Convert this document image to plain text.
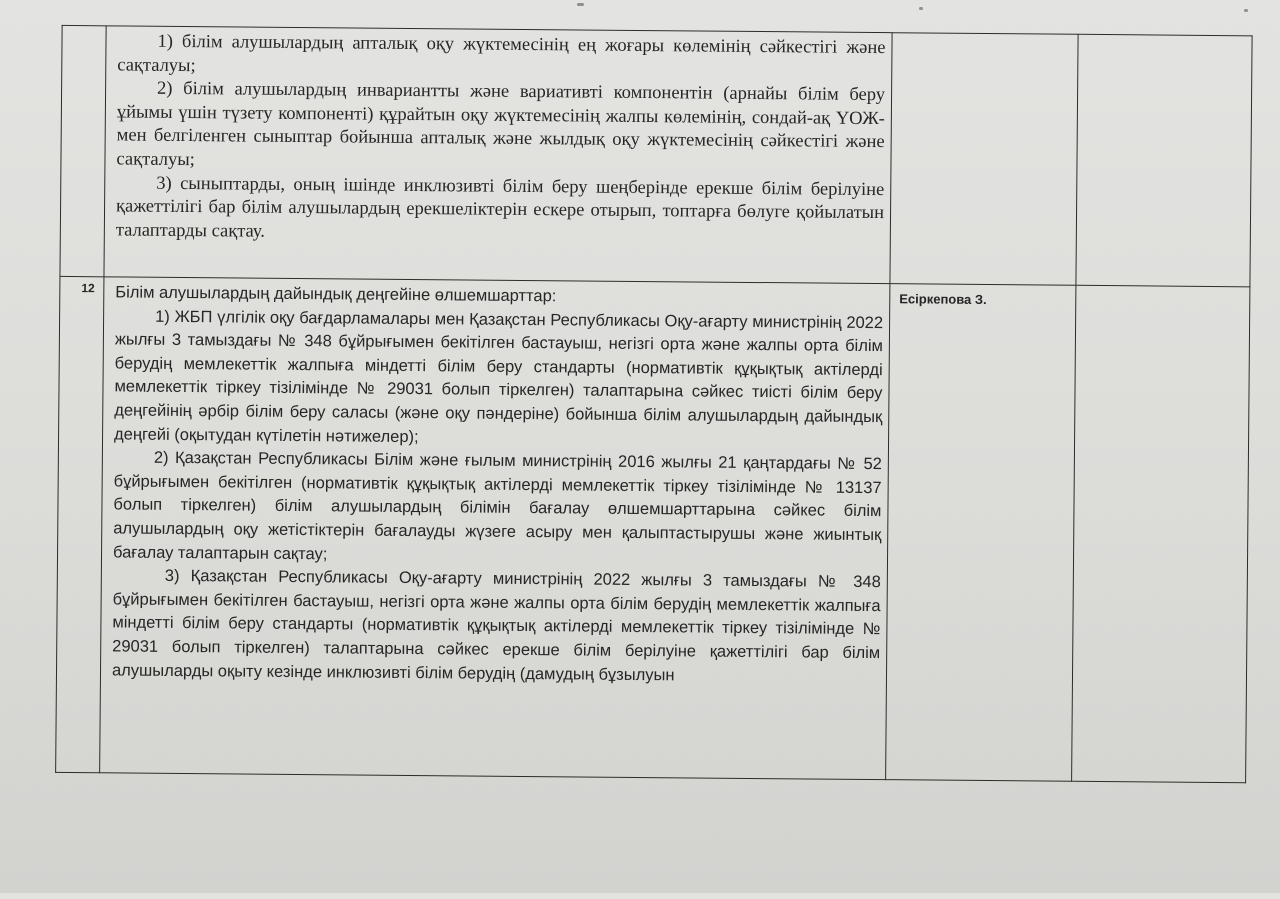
	1) білім алушылардың апталық оқу жүктемесінің ең жоғары көлемінің сәйкестігі және сақталуы;

2) білім алушылардың инвариантты және вариативті компонентін (арнайы білім беру ұйымы үшін түзету компоненті) құрайтын оқу жүктемесінің жалпы көлемінің, сондай-ақ ҮОЖ-мен белгіленген сыныптар бойынша апталық және жылдық оқу жүктемесінің сәйкестігі және сақталуы;

3) сыныптарды, оның ішінде инклюзивті білім беру шеңберінде ерекше білім берілуіне қажеттілігі бар білім алушылардың ерекшеліктерін ескере отырып, топтарға бөлуге қойылатын талаптарды сақтау.		

12	Білім алушылардың дайындық деңгейіне өлшемшарттар:

1) ЖБП үлгілік оқу бағдарламалары мен Қазақстан Республикасы Оқу-ағарту министрінің 2022 жылғы 3 тамыздағы № 348 бұйрығымен бекітілген бастауыш, негізгі орта және жалпы орта білім берудің мемлекеттік жалпыға міндетті білім беру стандарты (нормативтік құқықтық актілерді мемлекеттік тіркеу тізілімінде № 29031 болып тіркелген) талаптарына сәйкес тиісті білім беру деңгейінің әрбір білім беру саласы (және оқу пәндеріне) бойынша білім алушылардың дайындық деңгейі (оқытудан күтілетін нәтижелер);

2) Қазақстан Республикасы Білім және ғылым министрінің 2016 жылғы 21 қаңтардағы № 52 бұйрығымен бекітілген (нормативтік құқықтық актілерді мемлекеттік тіркеу тізілімінде № 13137 болып тіркелген) білім алушылардың білімін бағалау өлшемшарттарына сәйкес білім алушылардың оқу жетістіктерін бағалауды жүзеге асыру мен қалыптастырушы және жиынтық бағалау талаптарын сақтау;

3) Қазақстан Республикасы Оқу-ағарту министрінің 2022 жылғы 3 тамыздағы № 348 бұйрығымен бекітілген бастауыш, негізгі орта және жалпы орта білім берудің мемлекеттік жалпыға міндетті білім беру стандарты (нормативтік құқықтық актілерді мемлекеттік тіркеу тізілімінде № 29031 болып тіркелген) талаптарына сәйкес ерекше білім берілуіне қажеттілігі бар білім алушыларды оқыту кезінде инклюзивті білім берудің (дамудың бұзылуын	Есіркепова З.	
